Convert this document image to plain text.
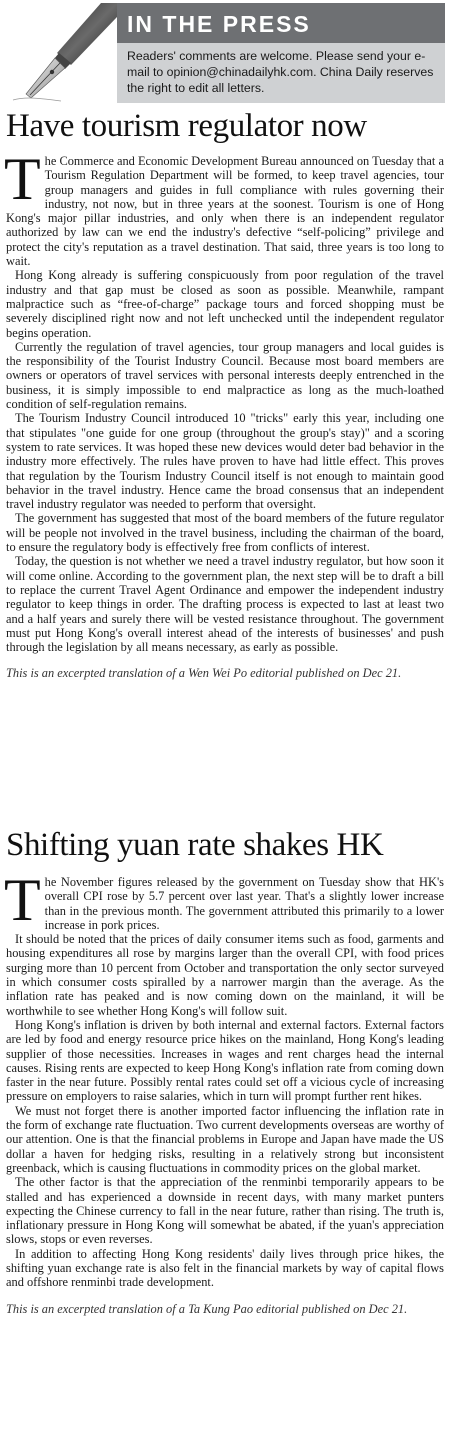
IN THE PRESS

Readers' comments are welcome. Please send your e-mail to opinion@chinadailyhk.com. China Daily reserves the right to edit all letters.

Have tourism regulator now

The Commerce and Economic Development Bureau announced on Tuesday that a Tourism Regulation Department will be formed, to keep travel agencies, tour group managers and guides in full compliance with rules governing their industry, not now, but in three years at the soonest. Tourism is one of Hong Kong's major pillar industries, and only when there is an independent regulator authorized by law can we end the industry's defective “self-policing” privilege and protect the city's reputation as a travel destination. That said, three years is too long to wait.

Hong Kong already is suffering conspicuously from poor regulation of the travel industry and that gap must be closed as soon as possible. Meanwhile, rampant malpractice such as “free-of-charge” package tours and forced shopping must be severely disciplined right now and not left unchecked until the independent regulator begins operation.

Currently the regulation of travel agencies, tour group managers and local guides is the responsibility of the Tourist Industry Council. Because most board members are owners or operators of travel services with personal interests deeply entrenched in the business, it is simply impossible to end malpractice as long as the much-loathed condition of self-regulation remains.

The Tourism Industry Council introduced 10 "tricks" early this year, including one that stipulates "one guide for one group (throughout the group's stay)" and a scoring system to rate services. It was hoped these new devices would deter bad behavior in the industry more effectively. The rules have proven to have had little effect. This proves that regulation by the Tourism Industry Council itself is not enough to maintain good behavior in the travel industry. Hence came the broad consensus that an independent travel industry regulator was needed to perform that oversight.

The government has suggested that most of the board members of the future regulator will be people not involved in the travel business, including the chairman of the board, to ensure the regulatory body is effectively free from conflicts of interest.

Today, the question is not whether we need a travel industry regulator, but how soon it will come online. According to the government plan, the next step will be to draft a bill to replace the current Travel Agent Ordinance and empower the independent industry regulator to keep things in order. The drafting process is expected to last at least two and a half years and surely there will be vested resistance throughout. The government must put Hong Kong's overall interest ahead of the interests of businesses' and push through the legislation by all means necessary, as early as possible.

This is an excerpted translation of a Wen Wei Po editorial published on Dec 21.
Shifting yuan rate shakes HK

The November figures released by the government on Tuesday show that HK's overall CPI rose by 5.7 percent over last year. That's a slightly lower increase than in the previous month. The government attributed this primarily to a lower increase in pork prices.

It should be noted that the prices of daily consumer items such as food, garments and housing expenditures all rose by margins larger than the overall CPI, with food prices surging more than 10 percent from October and transportation the only sector surveyed in which consumer costs spiralled by a narrower margin than the average. As the inflation rate has peaked and is now coming down on the mainland, it will be worthwhile to see whether Hong Kong's will follow suit.

Hong Kong's inflation is driven by both internal and external factors. External factors are led by food and energy resource price hikes on the mainland, Hong Kong's leading supplier of those necessities. Increases in wages and rent charges head the internal causes. Rising rents are expected to keep Hong Kong's inflation rate from coming down faster in the near future. Possibly rental rates could set off a vicious cycle of increasing pressure on employers to raise salaries, which in turn will prompt further rent hikes.

We must not forget there is another imported factor influencing the inflation rate in the form of exchange rate fluctuation. Two current developments overseas are worthy of our attention. One is that the financial problems in Europe and Japan have made the US dollar a haven for hedging risks, resulting in a relatively strong but inconsistent greenback, which is causing fluctuations in commodity prices on the global market.

The other factor is that the appreciation of the renminbi temporarily appears to be stalled and has experienced a downside in recent days, with many market punters expecting the Chinese currency to fall in the near future, rather than rising. The truth is, inflationary pressure in Hong Kong will somewhat be abated, if the yuan's appreciation slows, stops or even reverses.

In addition to affecting Hong Kong residents' daily lives through price hikes, the shifting yuan exchange rate is also felt in the financial markets by way of capital flows and offshore renminbi trade development.

This is an excerpted translation of a Ta Kung Pao editorial published on Dec 21.
